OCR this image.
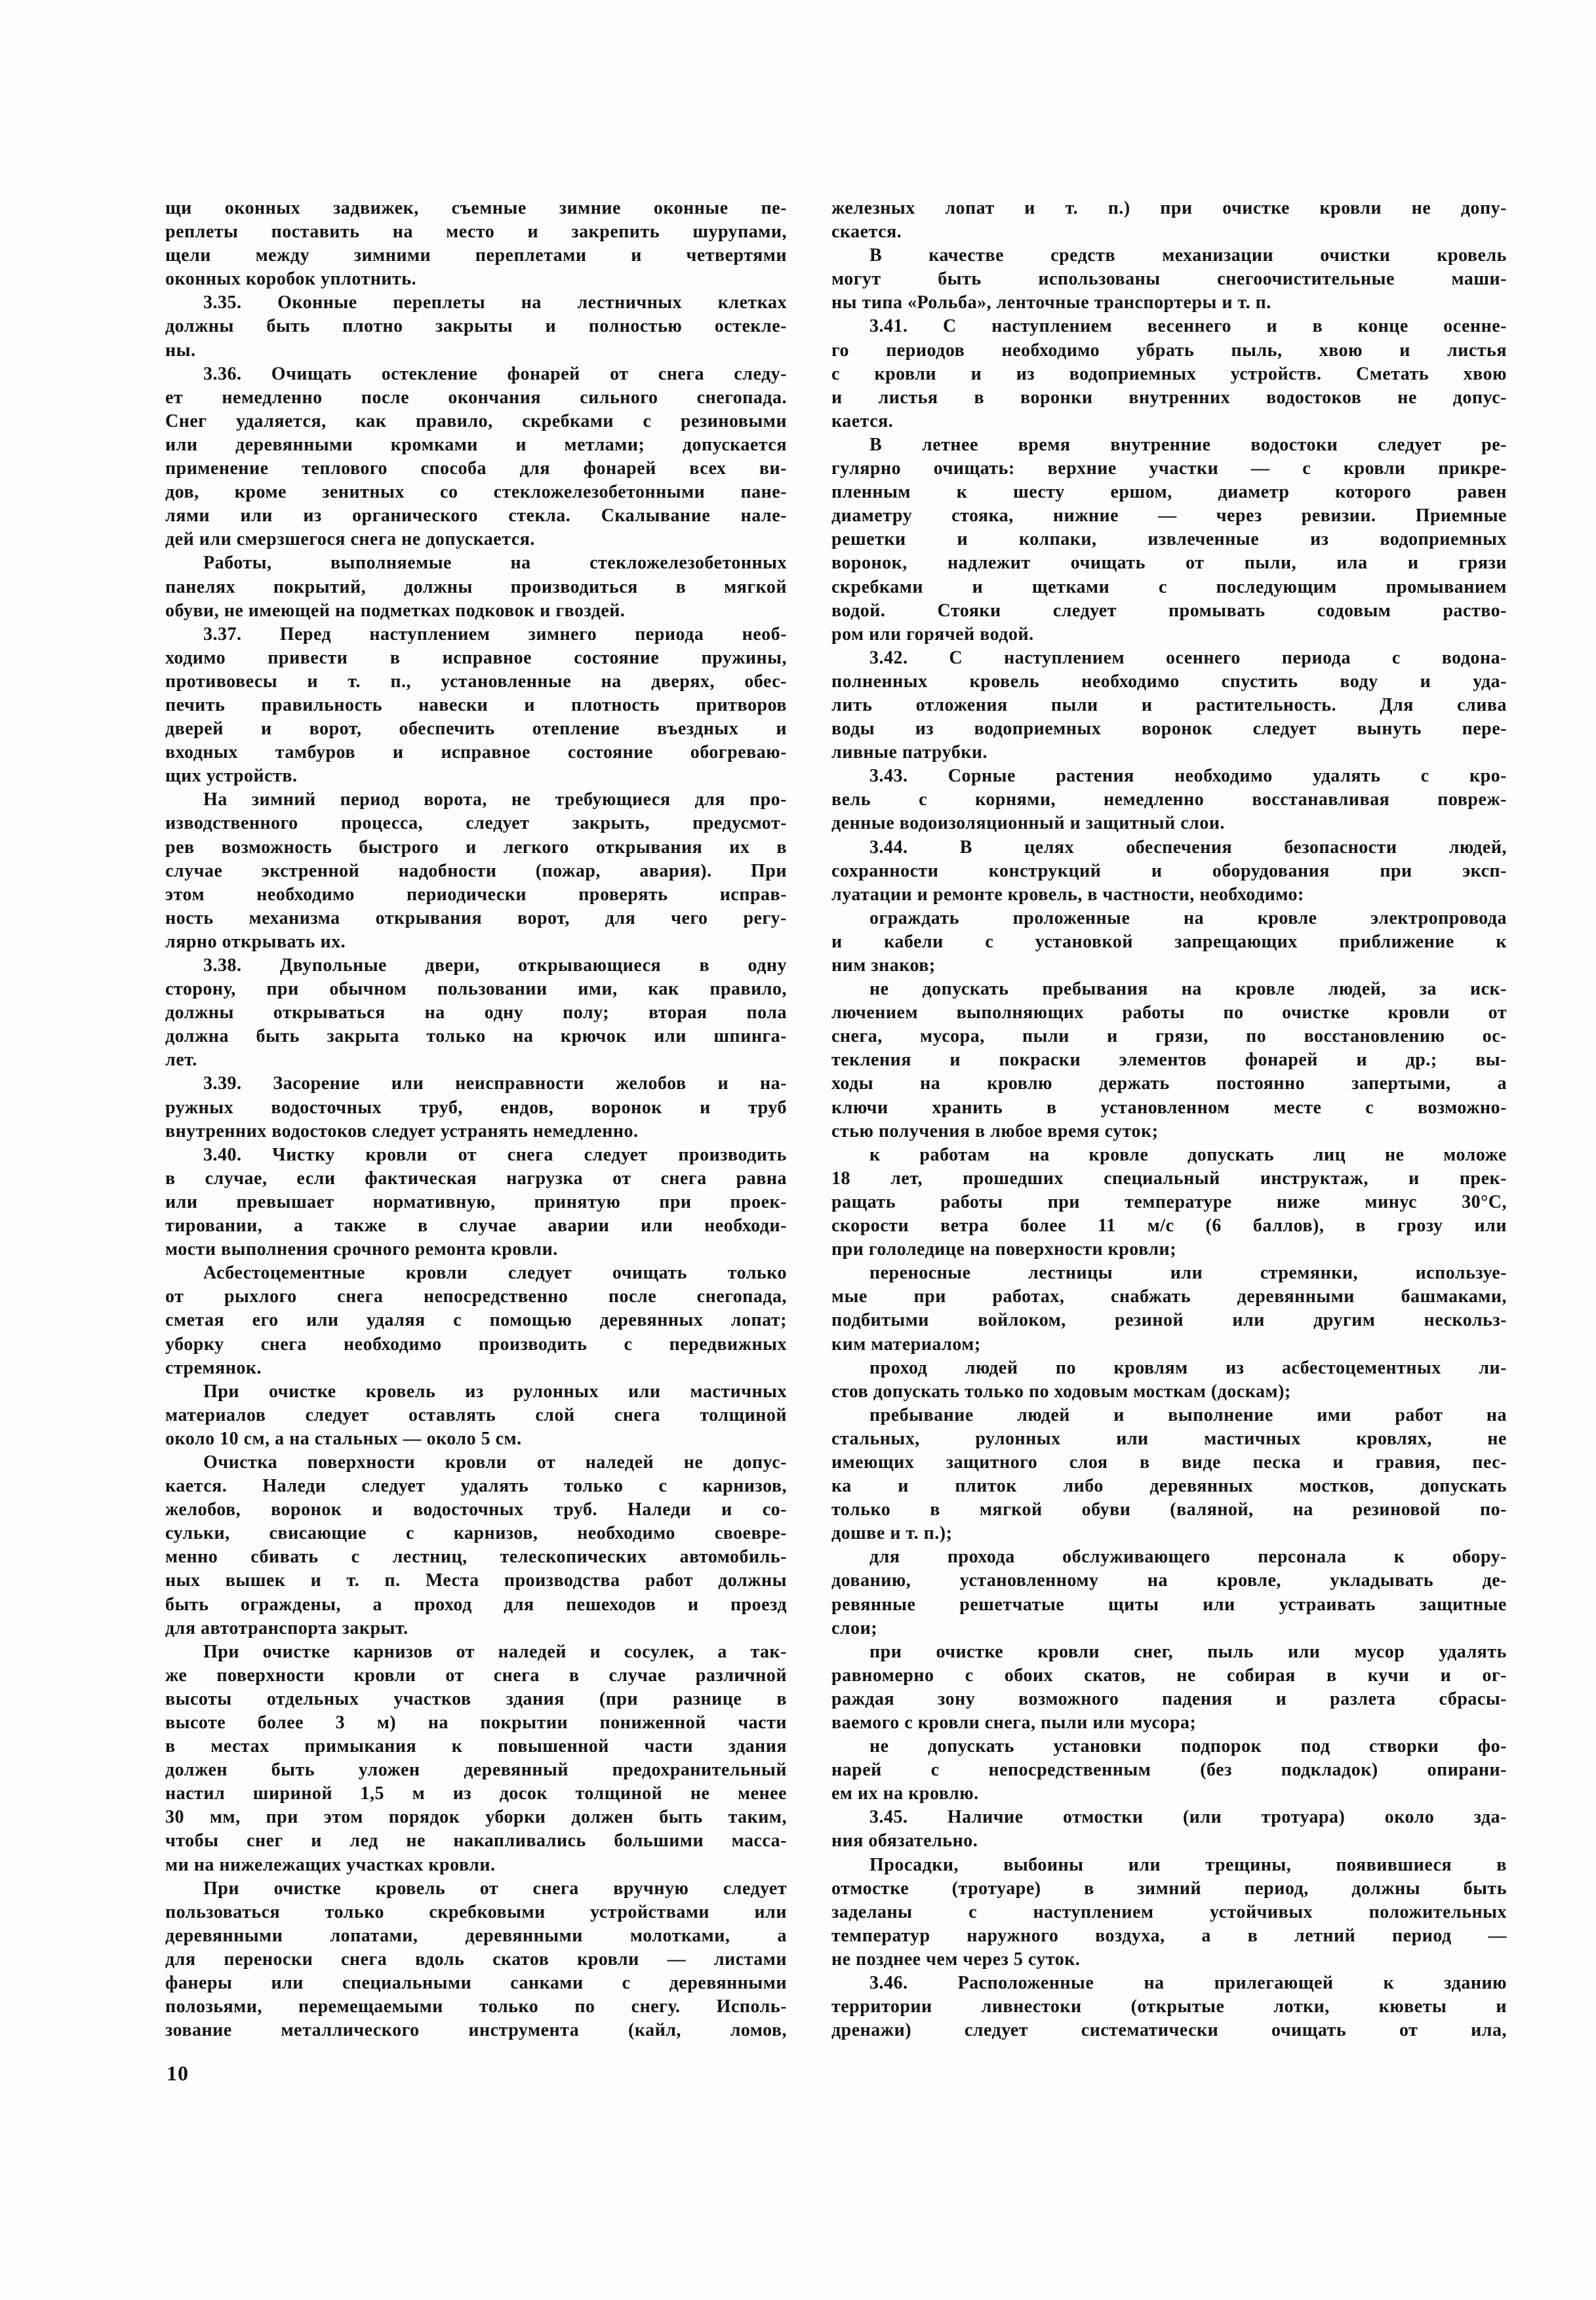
щи оконных задвижек, съемные зимние оконные пе-
реплеты поставить на место и закрепить шурупами,
щели между зимними переплетами и четвертями
оконных коробок уплотнить.
3.35. Оконные переплеты на лестничных клетках
должны быть плотно закрыты и полностью остекле-
ны.
3.36. Очищать остекление фонарей от снега следу-
ет немедленно после окончания сильного снегопада.
Снег удаляется, как правило, скребками с резиновыми
или деревянными кромками и метлами; допускается
применение теплового способа для фонарей всех ви-
дов, кроме зенитных со стекложелезобетонными пане-
лями или из органического стекла. Скалывание нале-
дей или смерзшегося снега не допускается.
Работы, выполняемые на стекложелезобетонных
панелях покрытий, должны производиться в мягкой
обуви, не имеющей на подметках подковок и гвоздей.
3.37. Перед наступлением зимнего периода необ-
ходимо привести в исправное состояние пружины,
противовесы и т. п., установленные на дверях, обес-
печить правильность навески и плотность притворов
дверей и ворот, обеспечить отепление въездных и
входных тамбуров и исправное состояние обогреваю-
щих устройств.
На зимний период ворота, не требующиеся для про-
изводственного процесса, следует закрыть, предусмот-
рев возможность быстрого и легкого открывания их в
случае экстренной надобности (пожар, авария). При
этом необходимо периодически проверять исправ-
ность механизма открывания ворот, для чего регу-
лярно открывать их.
3.38. Двупольные двери, открывающиеся в одну
сторону, при обычном пользовании ими, как правило,
должны открываться на одну полу; вторая пола
должна быть закрыта только на крючок или шпинга-
лет.
3.39. Засорение или неисправности желобов и на-
ружных водосточных труб, ендов, воронок и труб
внутренних водостоков следует устранять немедленно.
3.40. Чистку кровли от снега следует производить
в случае, если фактическая нагрузка от снега равна
или превышает нормативную, принятую при проек-
тировании, а также в случае аварии или необходи-
мости выполнения срочного ремонта кровли.
Асбестоцементные кровли следует очищать только
от рыхлого снега непосредственно после снегопада,
сметая его или удаляя с помощью деревянных лопат;
уборку снега необходимо производить с передвижных
стремянок.
При очистке кровель из рулонных или мастичных
материалов следует оставлять слой снега толщиной
около 10 см, а на стальных — около 5 см.
Очистка поверхности кровли от наледей не допус-
кается. Наледи следует удалять только с карнизов,
желобов, воронок и водосточных труб. Наледи и со-
сульки, свисающие с карнизов, необходимо своевре-
менно сбивать с лестниц, телескопических автомобиль-
ных вышек и т. п. Места производства работ должны
быть ограждены, а проход для пешеходов и проезд
для автотранспорта закрыт.
При очистке карнизов от наледей и сосулек, а так-
же поверхности кровли от снега в случае различной
высоты отдельных участков здания (при разнице в
высоте более 3 м) на покрытии пониженной части
в местах примыкания к повышенной части здания
должен быть уложен деревянный предохранительный
настил шириной 1,5 м из досок толщиной не менее
30 мм, при этом порядок уборки должен быть таким,
чтобы снег и лед не накапливались большими масса-
ми на нижележащих участках кровли.
При очистке кровель от снега вручную следует
пользоваться только скребковыми устройствами или
деревянными лопатами, деревянными молотками, а
для переноски снега вдоль скатов кровли — листами
фанеры или специальными санками с деревянными
полозьями, перемещаемыми только по снегу. Исполь-
зование металлического инструмента (кайл, ломов,
железных лопат и т. п.) при очистке кровли не допу-
скается.
В качестве средств механизации очистки кровель
могут быть использованы снегоочистительные маши-
ны типа «Рольба», ленточные транспортеры и т. п.
3.41. С наступлением весеннего и в конце осенне-
го периодов необходимо убрать пыль, хвою и листья
с кровли и из водоприемных устройств. Сметать хвою
и листья в воронки внутренних водостоков не допус-
кается.
В летнее время внутренние водостоки следует ре-
гулярно очищать: верхние участки — с кровли прикре-
пленным к шесту ершом, диаметр которого равен
диаметру стояка, нижние — через ревизии. Приемные
решетки и колпаки, извлеченные из водоприемных
воронок, надлежит очищать от пыли, ила и грязи
скребками и щетками с последующим промыванием
водой. Стояки следует промывать содовым раство-
ром или горячей водой.
3.42. С наступлением осеннего периода с водона-
полненных кровель необходимо спустить воду и уда-
лить отложения пыли и растительность. Для слива
воды из водоприемных воронок следует вынуть пере-
ливные патрубки.
3.43. Сорные растения необходимо удалять с кро-
вель с корнями, немедленно восстанавливая повреж-
денные водоизоляционный и защитный слои.
3.44. В целях обеспечения безопасности людей,
сохранности конструкций и оборудования при эксп-
луатации и ремонте кровель, в частности, необходимо:
ограждать проложенные на кровле электропровода
и кабели с установкой запрещающих приближение к
ним знаков;
не допускать пребывания на кровле людей, за иск-
лючением выполняющих работы по очистке кровли от
снега, мусора, пыли и грязи, по восстановлению ос-
текления и покраски элементов фонарей и др.; вы-
ходы на кровлю держать постоянно запертыми, а
ключи хранить в установленном месте с возможно-
стью получения в любое время суток;
к работам на кровле допускать лиц не моложе
18 лет, прошедших специальный инструктаж, и прек-
ращать работы при температуре ниже минус 30°С,
скорости ветра более 11 м/с (6 баллов), в грозу или
при гололедице на поверхности кровли;
переносные лестницы или стремянки, используе-
мые при работах, снабжать деревянными башмаками,
подбитыми войлоком, резиной или другим нескольз-
ким материалом;
проход людей по кровлям из асбестоцементных ли-
стов допускать только по ходовым мосткам (доскам);
пребывание людей и выполнение ими работ на
стальных, рулонных или мастичных кровлях, не
имеющих защитного слоя в виде песка и гравия, пес-
ка и плиток либо деревянных мостков, допускать
только в мягкой обуви (валяной, на резиновой по-
дошве и т. п.);
для прохода обслуживающего персонала к обору-
дованию, установленному на кровле, укладывать де-
ревянные решетчатые щиты или устраивать защитные
слои;
при очистке кровли снег, пыль или мусор удалять
равномерно с обоих скатов, не собирая в кучи и ог-
раждая зону возможного падения и разлета сбрасы-
ваемого с кровли снега, пыли или мусора;
не допускать установки подпорок под створки фо-
нарей с непосредственным (без подкладок) опирани-
ем их на кровлю.
3.45. Наличие отмостки (или тротуара) около зда-
ния обязательно.
Просадки, выбоины или трещины, появившиеся в
отмостке (тротуаре) в зимний период, должны быть
заделаны с наступлением устойчивых положительных
температур наружного воздуха, а в летний период —
не позднее чем через 5 суток.
3.46. Расположенные на прилегающей к зданию
территории ливнестоки (открытые лотки, кюветы и
дренажи) следует систематически очищать от ила,
10
